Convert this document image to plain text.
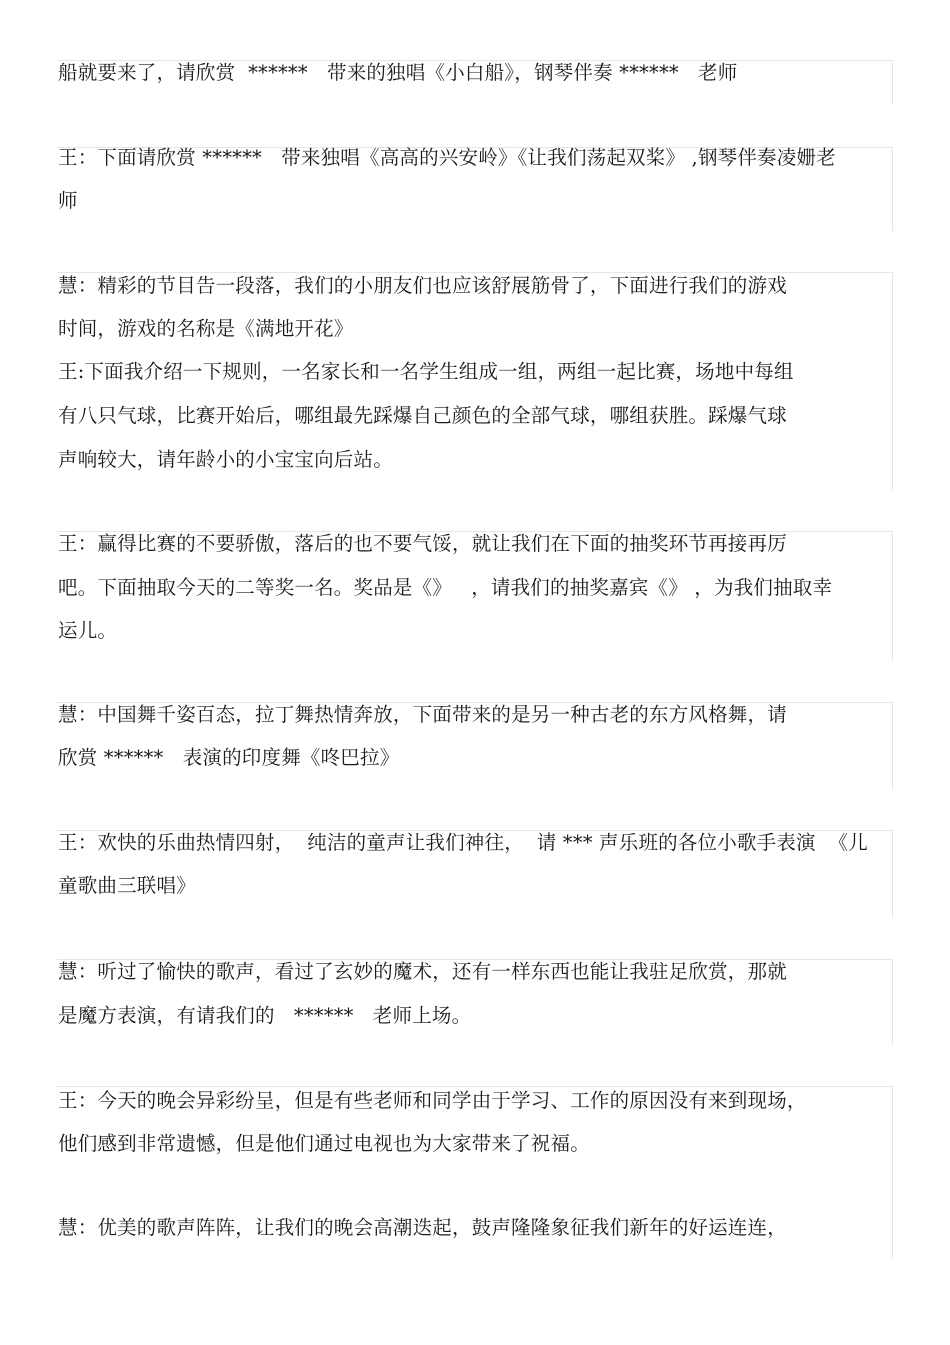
船就要来了，请欣赏  ******   带来的独唱《小白船》，钢琴伴奏 ******   老师
王：下面请欣赏 ******   带来独唱《高高的兴安岭》《让我们荡起双桨》 ,钢琴伴奏凌姗老
师
慧：精彩的节目告一段落，我们的小朋友们也应该舒展筋骨了，下面进行我们的游戏
时间，游戏的名称是《满地开花》
王:下面我介绍一下规则，一名家长和一名学生组成一组，两组一起比赛，场地中每组
有八只气球，比赛开始后，哪组最先踩爆自己颜色的全部气球，哪组获胜。踩爆气球
声响较大，请年龄小的小宝宝向后站。
王：赢得比赛的不要骄傲，落后的也不要气馁，就让我们在下面的抽奖环节再接再厉
吧。下面抽取今天的二等奖一名。奖品是《》   ，请我们的抽奖嘉宾《》 ，为我们抽取幸
运儿。
慧：中国舞千姿百态，拉丁舞热情奔放，下面带来的是另一种古老的东方风格舞，请
欣赏 ******   表演的印度舞《咚巴拉》
王：欢快的乐曲热情四射，  纯洁的童声让我们神往，  请 *** 声乐班的各位小歌手表演  《儿
童歌曲三联唱》
慧：听过了愉快的歌声，看过了玄妙的魔术，还有一样东西也能让我驻足欣赏，那就
是魔方表演，有请我们的   ******   老师上场。
王：今天的晚会异彩纷呈，但是有些老师和同学由于学习、工作的原因没有来到现场，
他们感到非常遗憾，但是他们通过电视也为大家带来了祝福。
慧：优美的歌声阵阵，让我们的晚会高潮迭起，鼓声隆隆象征我们新年的好运连连，
